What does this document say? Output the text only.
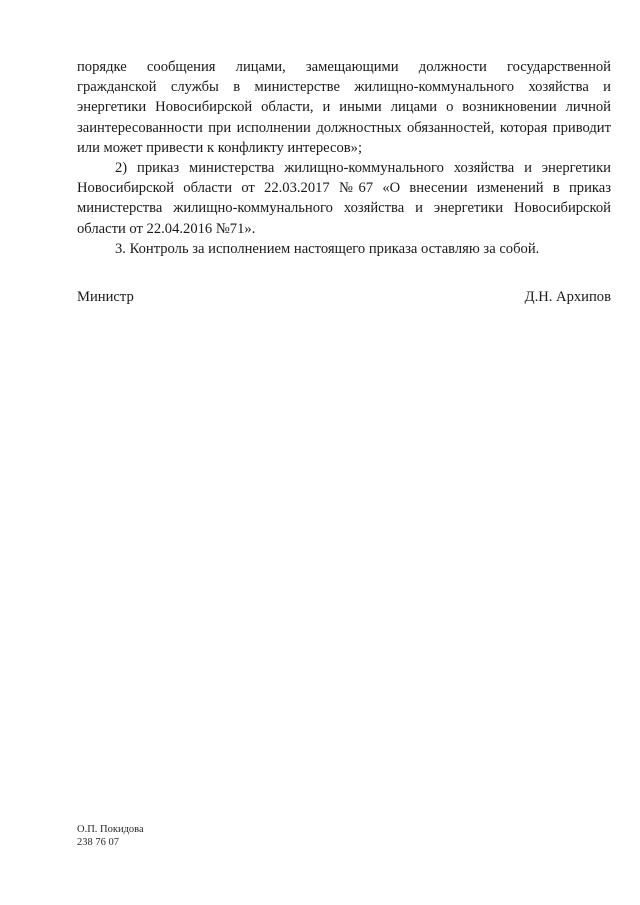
порядке сообщения лицами, замещающими должности государственной гражданской службы в министерстве жилищно-коммунального хозяйства и энергетики Новосибирской области, и иными лицами о возникновении личной заинтересованности при исполнении должностных обязанностей, которая приводит или может привести к конфликту интересов»;

2) приказ министерства жилищно-коммунального хозяйства и энергетики Новосибирской области от 22.03.2017 №67 «О внесении изменений в приказ министерства жилищно-коммунального хозяйства и энергетики Новосибирской области от 22.04.2016 №71».

3. Контроль за исполнением настоящего приказа оставляю за собой.

Министр	Д.Н. Архипов
О.П. Покидова
238 76 07
